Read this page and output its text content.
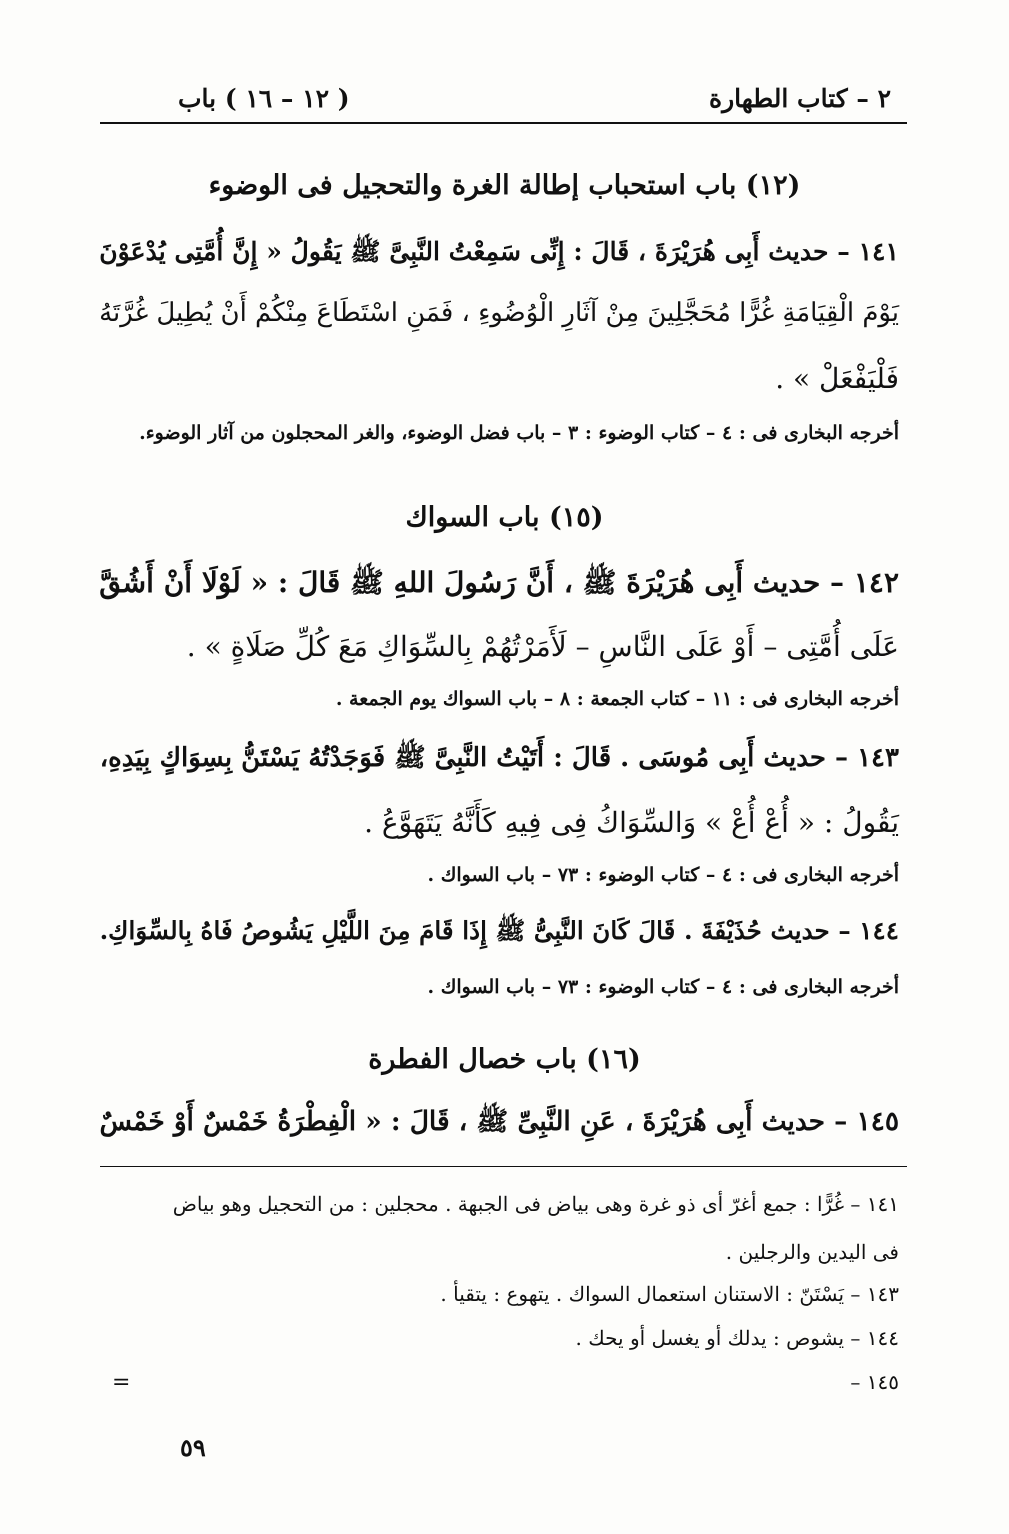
٢ – كتاب الطهارة
( ١٢ – ١٦ ) باب
(١٢) باب استحباب إطالة الغرة والتحجيل فى الوضوء
١٤١ – حديث أَبِى هُرَيْرَةَ ، قَالَ : إِنِّى سَمِعْتُ النَّبِىَّ ﷺ يَقُولُ « إِنَّ أُمَّتِى يُدْعَوْنَ
يَوْمَ الْقِيَامَةِ غُرًّا مُحَجَّلِينَ مِنْ آثَارِ الْوُضُوءِ ، فَمَنِ اسْتَطَاعَ مِنْكُمْ أَنْ يُطِيلَ غُرَّتَهُ
فَلْيَفْعَلْ » .
أخرجه البخارى فى : ٤ – كتاب الوضوء : ٣ – باب فضل الوضوء، والغر المحجلون من آثار الوضوء.
(١٥) باب السواك
١٤٢ – حديث أَبِى هُرَيْرَةَ ﷺ ، أَنَّ رَسُولَ اللهِ ﷺ قَالَ : « لَوْلَا أَنْ أَشُقَّ
عَلَى أُمَّتِى – أَوْ عَلَى النَّاسِ – لَأَمَرْتُهُمْ بِالسِّوَاكِ مَعَ كُلِّ صَلَاةٍ » .
أخرجه البخارى فى : ١١ – كتاب الجمعة : ٨ – باب السواك يوم الجمعة .
١٤٣ – حديث أَبِى مُوسَى . قَالَ : أَتَيْتُ النَّبِىَّ ﷺ فَوَجَدْتُهُ يَسْتَنُّ بِسِوَاكٍ بِيَدِهِ،
يَقُولُ : « أُعْ أُعْ » وَالسِّوَاكُ فِى فِيهِ كَأَنَّهُ يَتَهَوَّعُ .
أخرجه البخارى فى : ٤ – كتاب الوضوء : ٧٣ – باب السواك .
١٤٤ – حديث حُذَيْفَةَ . قَالَ كَانَ النَّبِىُّ ﷺ إِذَا قَامَ مِنَ اللَّيْلِ يَشُوصُ فَاهُ بِالسِّوَاكِ.
أخرجه البخارى فى : ٤ – كتاب الوضوء : ٧٣ – باب السواك .
(١٦) باب خصال الفطرة
١٤٥ – حديث أَبِى هُرَيْرَةَ ، عَنِ النَّبِىِّ ﷺ ، قَالَ : « الْفِطْرَةُ خَمْسٌ أَوْ خَمْسٌ
١٤١ – غُرًّا : جمع أغرّ أى ذو غرة وهى بياض فى الجبهة . محجلين : من التحجيل وهو بياض
فى اليدين والرجلين .
١٤٣ – يَسْتَنّ : الاستنان استعمال السواك . يتهوع : يتقيأ .
١٤٤ – يشوص : يدلك أو يغسل أو يحك .
١٤٥ –
=
٥٩
